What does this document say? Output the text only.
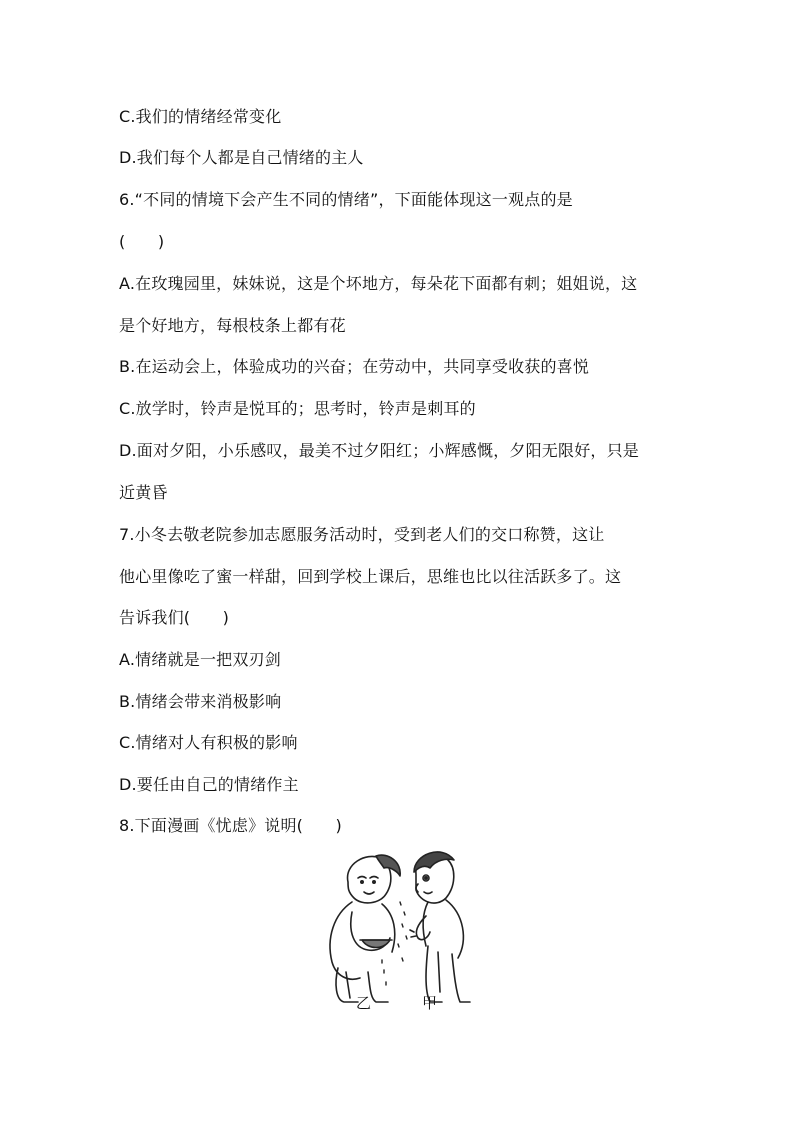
C.我们的情绪经常变化
D.我们每个人都是自己情绪的主人
6.“不同的情境下会产生不同的情绪”，下面能体现这一观点的是
(　　)
A.在玫瑰园里，妹妹说，这是个坏地方，每朵花下面都有刺；姐姐说，这
是个好地方，每根枝条上都有花
B.在运动会上，体验成功的兴奋；在劳动中，共同享受收获的喜悦
C.放学时，铃声是悦耳的；思考时，铃声是刺耳的
D.面对夕阳，小乐感叹，最美不过夕阳红；小辉感慨，夕阳无限好，只是
近黄昏
7.小冬去敬老院参加志愿服务活动时，受到老人们的交口称赞，这让
他心里像吃了蜜一样甜，回到学校上课后，思维也比以往活跃多了。这
告诉我们(　　)
A.情绪就是一把双刃剑
B.情绪会带来消极影响
C.情绪对人有积极的影响
D.要任由自己的情绪作主
8.下面漫画《忧虑》说明(　　)
乙	甲
